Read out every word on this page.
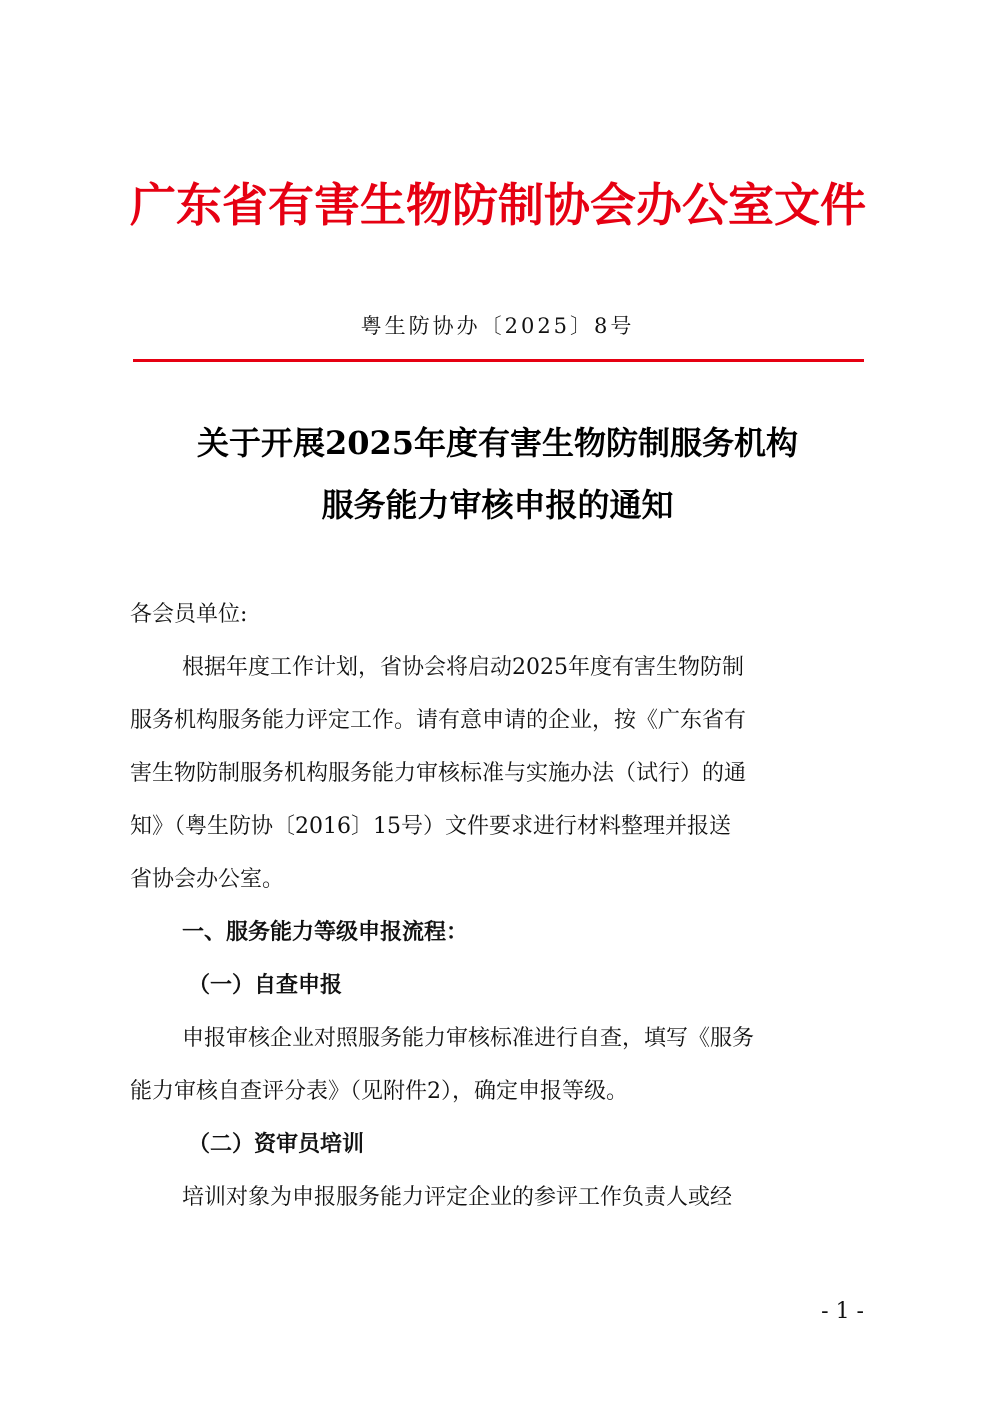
广东省有害生物防制协会办公室文件
粤生防协办〔2025〕8号
关于开展2025年度有害生物防制服务机构
服务能力审核申报的通知
各会员单位:
根据年度工作计划，省协会将启动2025年度有害生物防制
服务机构服务能力评定工作。请有意申请的企业，按《广东省有
害生物防制服务机构服务能力审核标准与实施办法（试行）的通
知》（粤生防协〔2016〕15号）文件要求进行材料整理并报送
省协会办公室。
一、服务能力等级申报流程：
（一）自查申报
申报审核企业对照服务能力审核标准进行自查，填写《服务
能力审核自查评分表》（见附件2），确定申报等级。
（二）资审员培训
培训对象为申报服务能力评定企业的参评工作负责人或经
- 1 -
